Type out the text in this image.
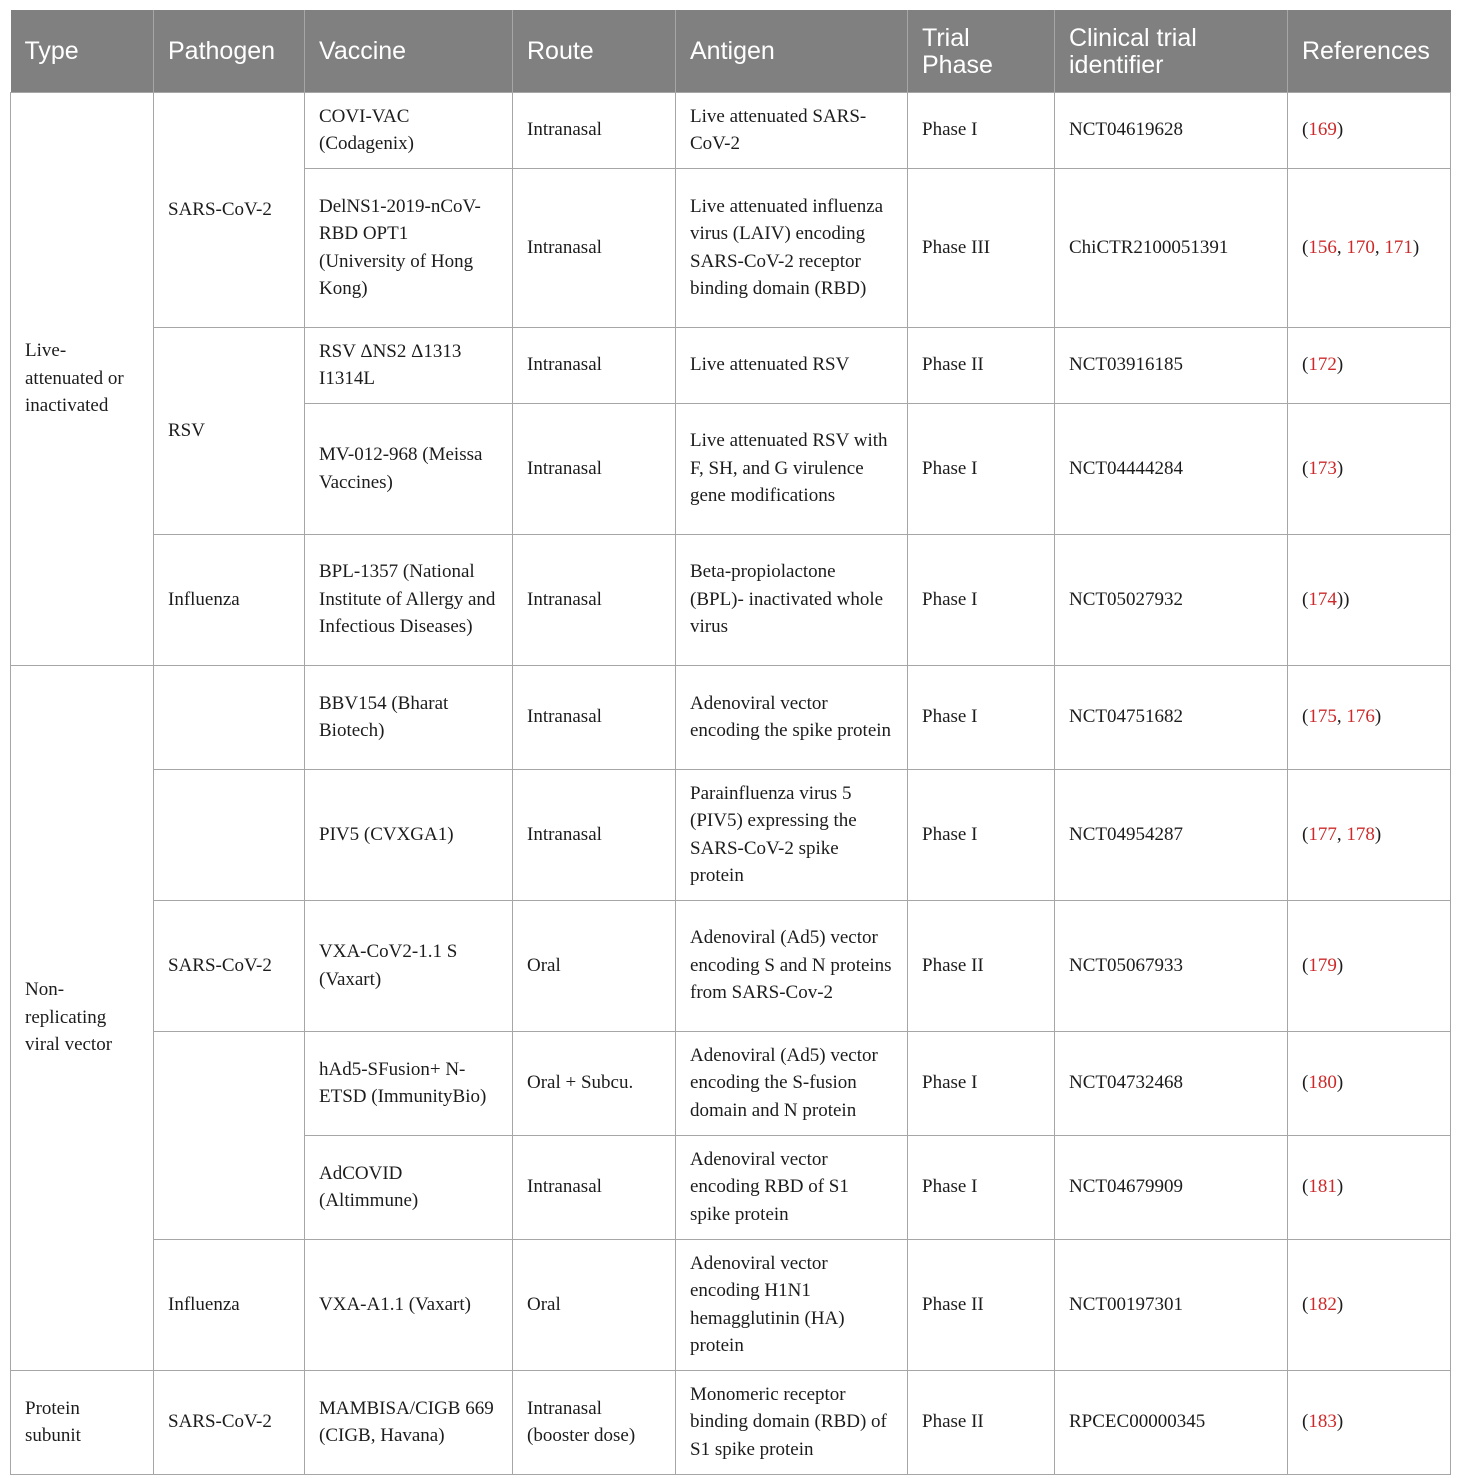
Type	Pathogen	Vaccine	Route	Antigen	Trial Phase	Clinical trial identifier	References
Live-attenuated or inactivated	SARS-CoV-2	COVI-VAC (Codagenix)	Intranasal	Live attenuated SARS-CoV-2	Phase I	NCT04619628	(169)
		DelNS1-2019-nCoV-RBD OPT1 (University of Hong Kong)	Intranasal	Live attenuated influenza virus (LAIV) encoding SARS-CoV-2 receptor binding domain (RBD)	Phase III	ChiCTR2100051391	(156, 170, 171)
	RSV	RSV ΔNS2 Δ1313 I1314L	Intranasal	Live attenuated RSV	Phase II	NCT03916185	(172)
		MV-012-968 (Meissa Vaccines)	Intranasal	Live attenuated RSV with F, SH, and G virulence gene modifications	Phase I	NCT04444284	(173)
	Influenza	BPL-1357 (National Institute of Allergy and Infectious Diseases)	Intranasal	Beta-propiolactone (BPL)- inactivated whole virus	Phase I	NCT05027932	(174))
Non-replicating viral vector		BBV154 (Bharat Biotech)	Intranasal	Adenoviral vector encoding the spike protein	Phase I	NCT04751682	(175, 176)
		PIV5 (CVXGA1)	Intranasal	Parainfluenza virus 5 (PIV5) expressing the SARS-CoV-2 spike protein	Phase I	NCT04954287	(177, 178)
	SARS-CoV-2	VXA-CoV2-1.1 S (Vaxart)	Oral	Adenoviral (Ad5) vector encoding S and N proteins from SARS-Cov-2	Phase II	NCT05067933	(179)
		hAd5-SFusion+ N-ETSD (ImmunityBio)	Oral + Subcu.	Adenoviral (Ad5) vector encoding the S-fusion domain and N protein	Phase I	NCT04732468	(180)
		AdCOVID (Altimmune)	Intranasal	Adenoviral vector encoding RBD of S1 spike protein	Phase I	NCT04679909	(181)
	Influenza	VXA-A1.1 (Vaxart)	Oral	Adenoviral vector encoding H1N1 hemagglutinin (HA) protein	Phase II	NCT00197301	(182)
Protein subunit	SARS-CoV-2	MAMBISA/CIGB 669 (CIGB, Havana)	Intranasal (booster dose)	Monomeric receptor binding domain (RBD) of S1 spike protein	Phase II	RPCEC00000345	(183)
